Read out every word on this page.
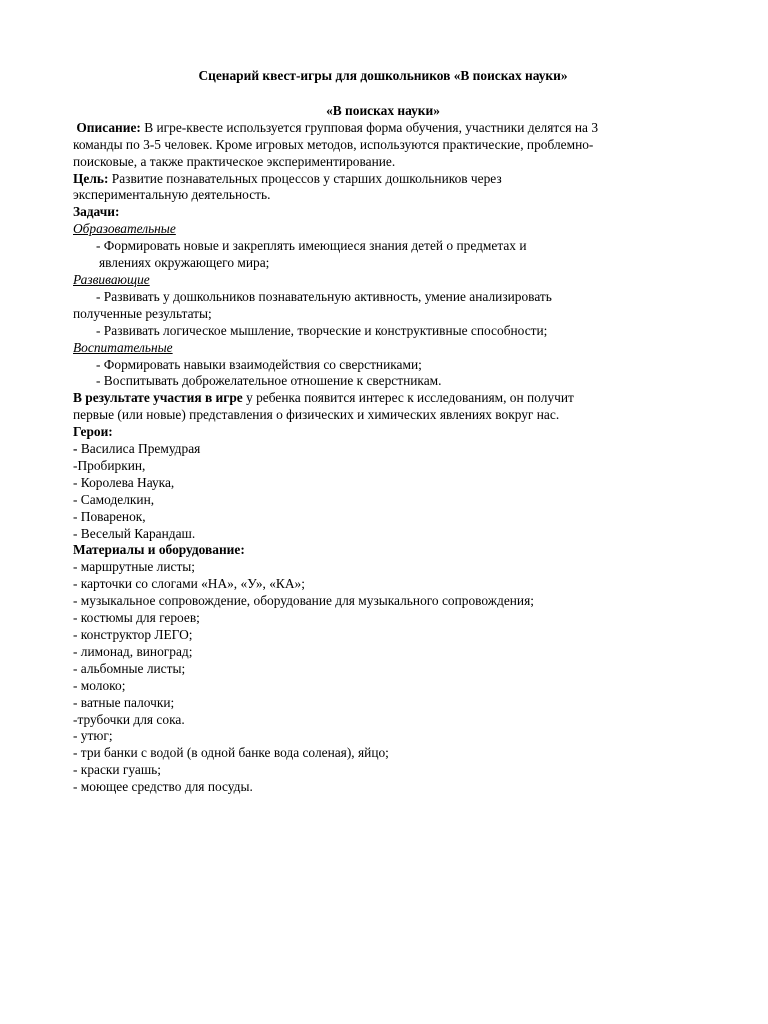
Сценарий квест-игры для дошкольников «В поисках науки»
«В поисках науки»
Описание: В игре-квесте используется групповая форма обучения, участники делятся на 3
команды по 3-5 человек. Кроме игровых методов, используются практические, проблемно-
поисковые, а также практическое экспериментирование.
Цель: Развитие познавательных процессов у старших дошкольников через
экспериментальную деятельность.
Задачи:
Образовательные
- Формировать новые и закреплять имеющиеся знания детей о предметах и
явлениях окружающего мира;
Развивающие
- Развивать у дошкольников познавательную активность, умение анализировать
полученные результаты;
- Развивать логическое мышление, творческие и конструктивные способности;
Воспитательные
- Формировать навыки взаимодействия со сверстниками;
- Воспитывать доброжелательное отношение к сверстникам.
В результате участия в игре у ребенка появится интерес к исследованиям, он получит
первые (или новые) представления о физических и химических явлениях вокруг нас.
Герои:
- Василиса Премудрая
-Пробиркин,
- Королева Наука,
- Самоделкин,
- Поваренок,
- Веселый Карандаш.
Материалы и оборудование:
- маршрутные листы;
- карточки со слогами «НА», «У», «КА»;
- музыкальное сопровождение, оборудование для музыкального сопровождения;
- костюмы для героев;
- конструктор ЛЕГО;
- лимонад, виноград;
- альбомные листы;
- молоко;
- ватные палочки;
-трубочки для сока.
- утюг;
- три банки с водой (в одной банке вода соленая), яйцо;
- краски гуашь;
- моющее средство для посуды.
